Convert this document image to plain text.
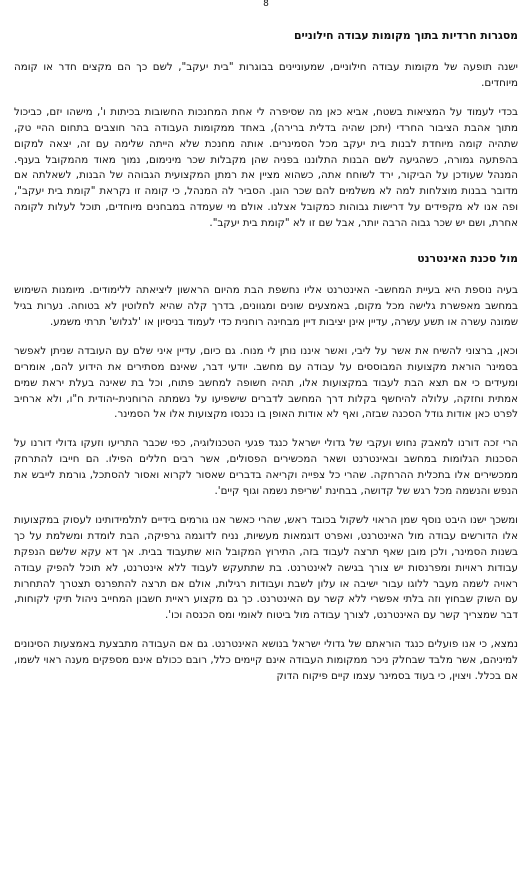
8
מסגרות חרדיות בתוך מקומות עבודה חילוניים

ישנה תופעה של מקומות עבודה חילוניים, שמעוניינים בבוגרות "בית יעקב", לשם כך הם מקצים חדר או קומה מיוחדים.

בכדי לעמוד על המציאות בשטח, אביא כאן מה שסיפרה לי אחת המחנכות החשובות בכיתות ו', מישהו יזם, כביכול מתוך אהבת הציבור החרדי (יתכן שהיה בדלית ברירה), באחד ממקומות העבודה בהר חוצבים בתחום ההיי טק, שתהיה קומה מיוחדת לבנות בית יעקב מכל הסמינרים. אותה מחנכת שלא הייתה שלימה עם זה, יצאה למקום בהפתעה גמורה, כשהגיעה לשם הבנות התלוננו בפניה שהן מקבלות שכר מינימום, נמוך מאוד מהמקובל בענף. המנהל שעודכן על הביקור, ירד לשוחח אתה, כשהוא מציין את רמתן המקצועית הגבוהה של הבנות, לשאלתה אם מדובר בבנות מוצלחות למה לא משלמים להם שכר הוגן. הסביר לה המנהל, כי קומה זו נקראת "קומת בית יעקב", ופה אנו לא מקפידים על דרישות גבוהות כמקובל אצלנו. אולם מי שעמדה במבחנים מיוחדים, תוכל לעלות לקומה אחרת, ושם יש שכר גבוה הרבה יותר, אבל שם זו לא "קומת בית יעקב".

מול סכנת האינטרנט

בעיה נוספת היא בעיית המחשב- האינטרנט אליו נחשפת הבת מהיום הראשון ליציאתה ללימודים. מיומנות השימוש במחשב מאפשרת גלישה מכל מקום, באמצעים שונים ומגוונים, בדרך קלה שהיא לחלוטין לא בטוחה. נערות בגיל שמונה עשרה או תשע עשרה, עדיין אינן יציבות דיין מבחינה רוחנית כדי לעמוד בניסיון או 'לגלוש' תרתי משמע.

וכאן, ברצוני להשיח את אשר על ליבי, ואשר איננו נותן לי מנוח. גם כיום, עדיין איני שלם עם העובדה שניתן לאפשר בסמינר הוראת מקצועות המבוססים על עבודה עם מחשב. יודעי דבר, שאינם מסתירים את הידוע להם, אומרים ומעידים כי אם תצא הבת לעבוד במקצועות אלו, תהיה חשופה למחשב פתוח, וכל בת שאינה בעלת יראת שמים אמתית וחזקה, עלולה להיחשף בקלות דרך המחשב לדברים שישפיעו על נשמתה הרוחנית-יהודית ח"ו, ולא ארחיב לפרט כאן אודות גודל הסכנה שבזה, ואף לא אודות האופן בו נכנסו מקצועות אלו אל הסמינר.

הרי זכה דורנו למאבק נחוש ועקבי של גדולי ישראל כנגד פגעי הטכנולוגיה, כפי שכבר התריעו וזעקו גדולי דורנו על הסכנות הגלומות במחשב ובאינטרנט ושאר המכשירים הפסולים, אשר רבים חללים הפילו. הם חייבו להתרחק ממכשירים אלו בתכלית ההרחקה. שהרי כל צפייה וקריאה בדברים שאסור לקרוא ואסור להסתכל, גורמת לייבש את הנפש והנשמה מכל רגש של קדושה, בבחינת 'שריפת נשמה וגוף קיים'.

ומשכך ישנו היבט נוסף שמן הראוי לשקול בכובד ראש, שהרי כאשר אנו גורמים בידיים לתלמידותינו לעסוק במקצועות אלו הדורשים עבודה מול האינטרנט, ואפרט דוגמאות מעשיות, נניח לדוגמה גרפיקה, הבת לומדת ומשלמת על כך בשנות הסמינר, ולכן מובן שאף תרצה לעבוד בזה, התירוץ המקובל הוא שתעבוד בבית. אך דא עקא שלשם הנפקת עבודות ראויות ומפרנסות יש צורך בגישה לאינטרנט. בת שתתעקש לעבוד ללא אינטרנט, לא תוכל להפיק עבודה ראויה לשמה מעבר ללוגו עבור ישיבה או עלון לשבת ועבודות רגילות, אולם אם תרצה להתפרנס תצטרך להתחרות עם השוק שבחוץ וזה בלתי אפשרי ללא קשר עם האינטרנט. כך גם מקצוע ראיית חשבון המחייב ניהול תיקי לקוחות, דבר שמצריך קשר עם האינטרנט, לצורך עבודה מול ביטוח לאומי ומס הכנסה וכו'.

נמצא, כי אנו פועלים כנגד הוראתם של גדולי ישראל בנושא האינטרנט. גם אם העבודה מתבצעת באמצעות הסינונים למיניהם, אשר מלבד שבחלק ניכר ממקומות העבודה אינם קיימים כלל, רובם ככולם אינם מספקים מענה ראוי לשמו, אם בכלל. ויצוין, כי בעוד בסמינר עצמו קיים פיקוח הדוק
